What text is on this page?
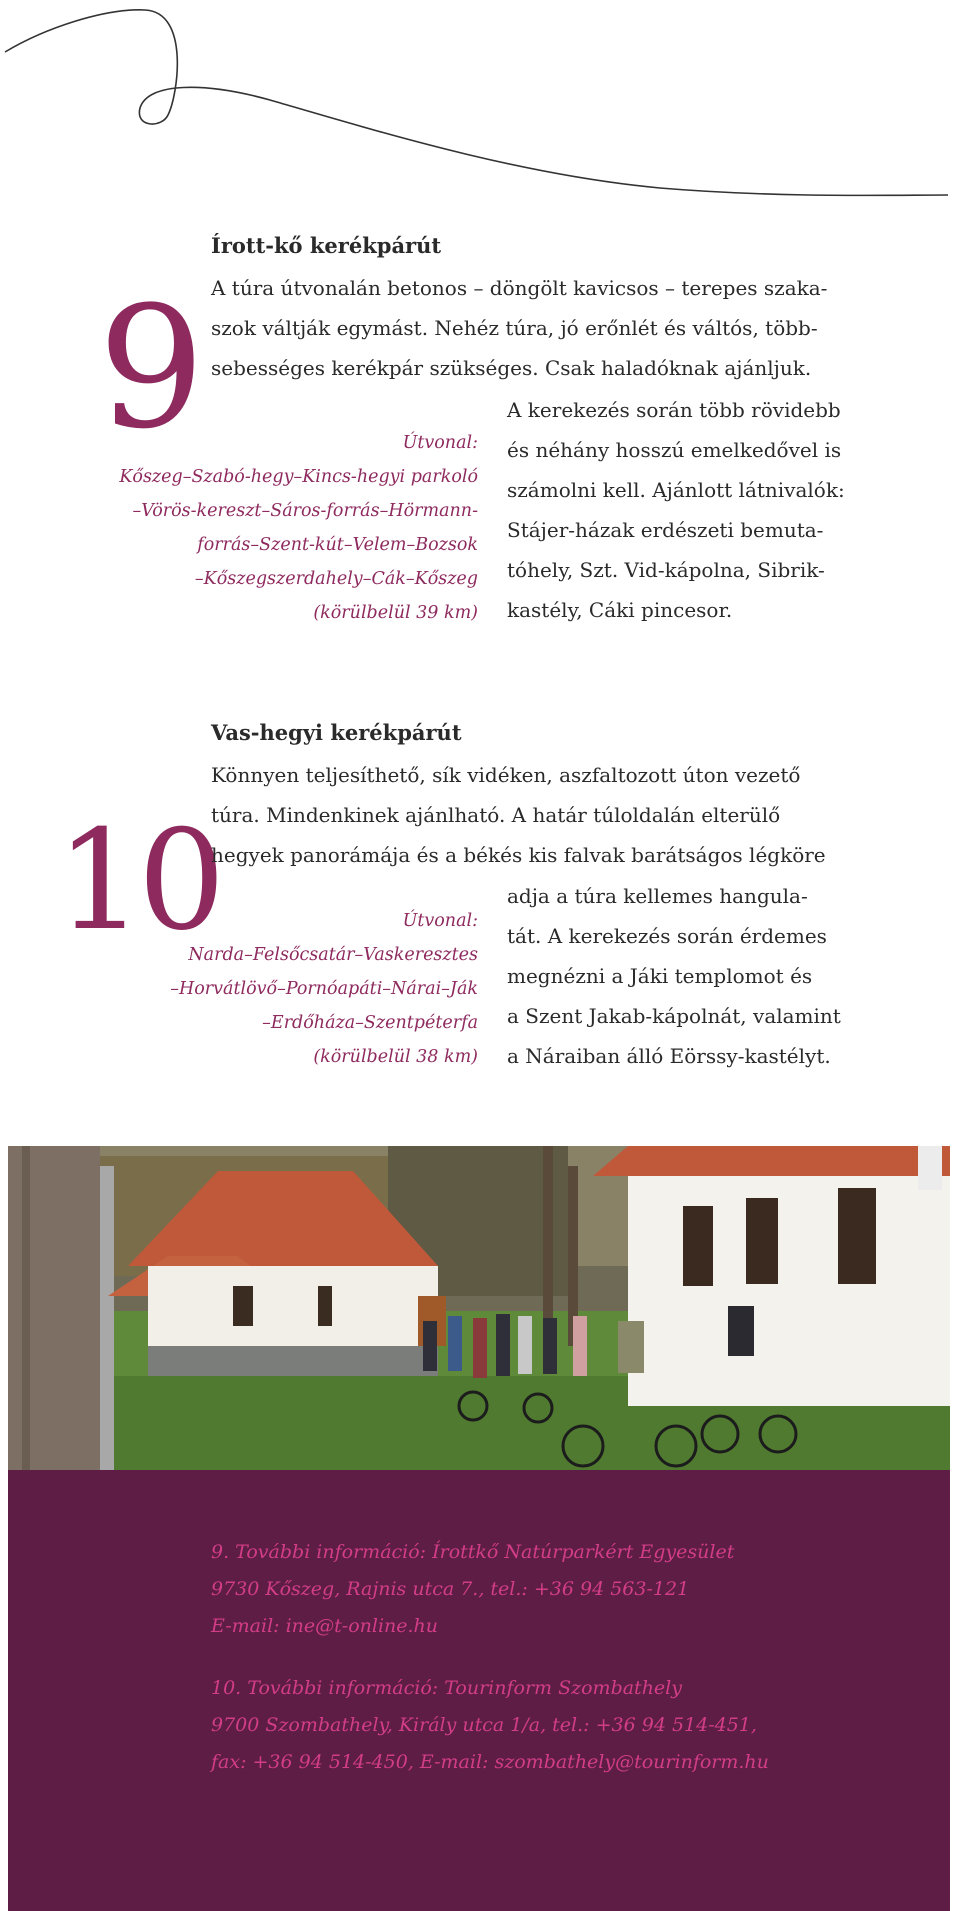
9
Írott-kő kerékpárút
A túra útvonalán betonos – döngölt kavicsos – terepes szaka-
szok váltják egymást. Nehéz túra, jó erőnlét és váltós, több-
sebességes kerékpár szükséges. Csak haladóknak ajánljuk.
A kerekezés során több rövidebb
és néhány hosszú emelkedővel is
számolni kell. Ajánlott látnivalók:
Stájer-házak erdészeti bemuta-
tóhely, Szt. Vid-kápolna, Sibrik-
kastély, Cáki pincesor.
Útvonal:
Kőszeg–Szabó-hegy–Kincs-hegyi parkoló
–Vörös-kereszt–Sáros-forrás–Hörmann-
forrás–Szent-kút–Velem–Bozsok
–Kőszegszerdahely–Cák–Kőszeg
(körülbelül 39 km)
10
Vas-hegyi kerékpárút
Könnyen teljesíthető, sík vidéken, aszfaltozott úton vezető
túra. Mindenkinek ajánlható. A határ túloldalán elterülő
hegyek panorámája és a békés kis falvak barátságos légköre
adja a túra kellemes hangula-
tát. A kerekezés során érdemes
megnézni a Jáki templomot és
a Szent Jakab-kápolnát, valamint
a Náraiban álló Eörssy-kastélyt.
Útvonal:
Narda–Felsőcsatár–Vaskeresztes
–Horvátlövő–Pornóapáti–Nárai–Ják
–Erdőháza–Szentpéterfa
(körülbelül 38 km)
9. További információ: Írottkő Natúrparkért Egyesület
9730 Kőszeg, Rajnis utca 7., tel.: +36 94 563-121
E-mail: ine@t-online.hu
10. További információ: Tourinform Szombathely
9700 Szombathely, Király utca 1/a, tel.: +36 94 514-451,
fax: +36 94 514-450, E-mail: szombathely@tourinform.hu
